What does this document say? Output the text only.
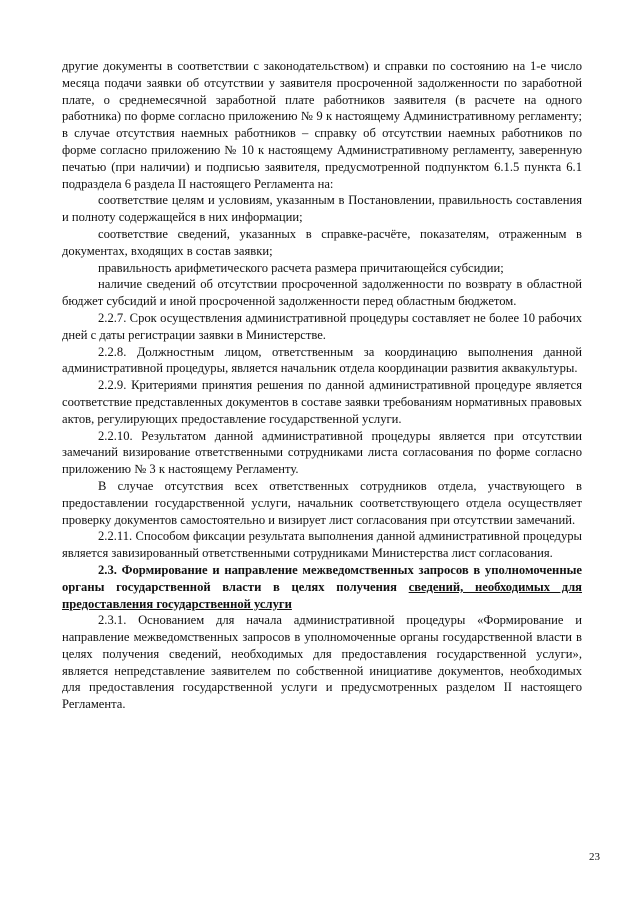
другие документы в соответствии с законодательством) и справки по состоянию на 1-е число месяца подачи заявки об отсутствии у заявителя просроченной задолженности по заработной плате, о среднемесячной заработной плате работников заявителя (в расчете на одного работника) по форме согласно приложению № 9 к настоящему Административному регламенту; в случае отсутствия наемных работников – справку об отсутствии наемных работников по форме согласно приложению № 10 к настоящему Административному регламенту, заверенную печатью (при наличии) и подписью заявителя, предусмотренной подпунктом 6.1.5 пункта 6.1 подраздела 6 раздела II настоящего Регламента на:

соответствие целям и условиям, указанным в Постановлении, правильность составления и полноту содержащейся в них информации;

соответствие сведений, указанных в справке-расчёте, показателям, отраженным в документах, входящих в состав заявки;

правильность арифметического расчета размера причитающейся субсидии;

наличие сведений об отсутствии просроченной задолженности по возврату в областной бюджет субсидий и иной просроченной задолженности перед областным бюджетом.

2.2.7. Срок осуществления административной процедуры составляет не более 10 рабочих дней с даты регистрации заявки в Министерстве.

2.2.8. Должностным лицом, ответственным за координацию выполнения данной административной процедуры, является начальник отдела координации развития аквакультуры.

2.2.9. Критериями принятия решения по данной административной процедуре является соответствие представленных документов в составе заявки требованиям нормативных правовых актов, регулирующих предоставление государственной услуги.

2.2.10. Результатом данной административной процедуры является при отсутствии замечаний визирование ответственными сотрудниками листа согласования по форме согласно приложению № 3 к настоящему Регламенту.

В случае отсутствия всех ответственных сотрудников отдела, участвующего в предоставлении государственной услуги, начальник соответствующего отдела осуществляет проверку документов самостоятельно и визирует лист согласования при отсутствии замечаний.

2.2.11. Способом фиксации результата выполнения данной административной процедуры является завизированный ответственными сотрудниками Министерства лист согласования.

2.3. Формирование и направление межведомственных запросов в уполномоченные органы государственной власти в целях получения сведений, необходимых для предоставления государственной услуги

2.3.1. Основанием для начала административной процедуры «Формирование и направление межведомственных запросов в уполномоченные органы государственной власти в целях получения сведений, необходимых для предоставления государственной услуги», является непредставление заявителем по собственной инициативе документов, необходимых для предоставления государственной услуги и предусмотренных разделом II настоящего Регламента.

23
